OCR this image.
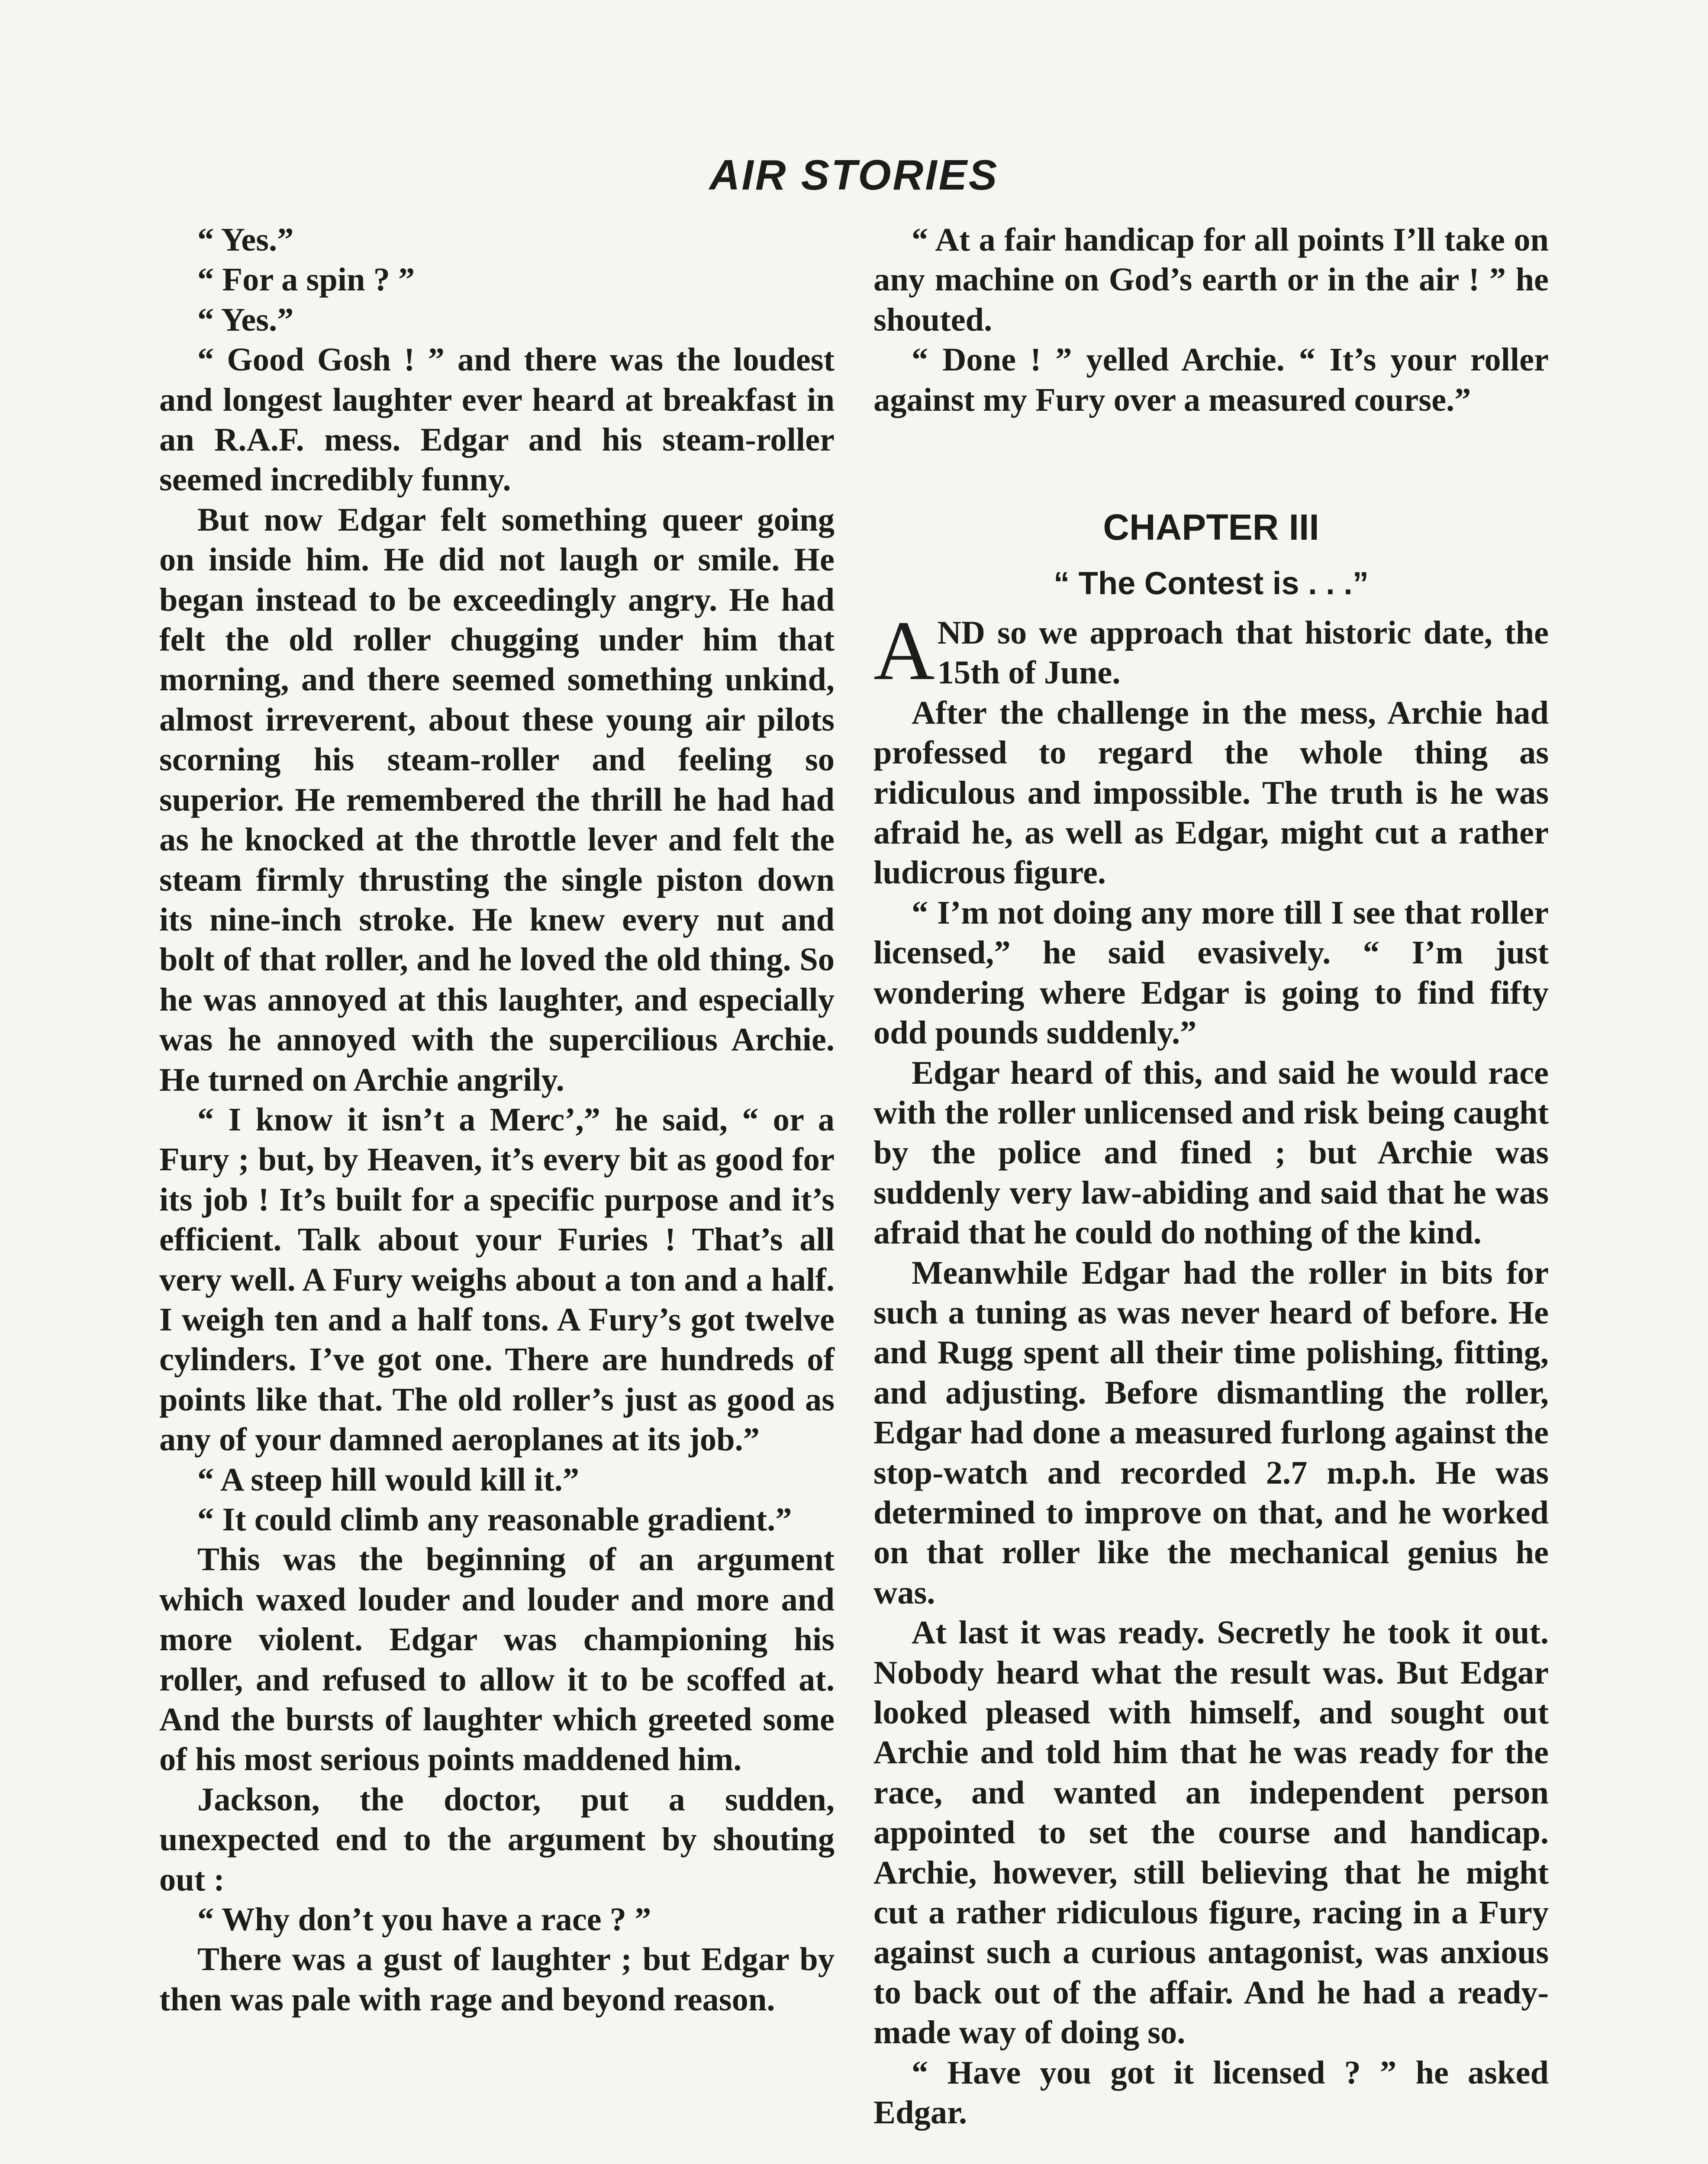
AIR STORIES

“ Yes.”

“ For a spin ? ”

“ Yes.”

“ Good Gosh ! ” and there was the loudest and longest laughter ever heard at breakfast in an R.A.F. mess. Edgar and his steam-roller seemed incredibly funny.

But now Edgar felt something queer going on inside him. He did not laugh or smile. He began instead to be exceedingly angry. He had felt the old roller chugging under him that morning, and there seemed something unkind, almost irreverent, about these young air pilots scorning his steam-roller and feeling so superior. He remembered the thrill he had had as he knocked at the throttle lever and felt the steam firmly thrusting the single piston down its nine-inch stroke. He knew every nut and bolt of that roller, and he loved the old thing. So he was annoyed at this laughter, and especially was he annoyed with the supercilious Archie. He turned on Archie angrily.

“ I know it isn’t a Merc’,” he said, “ or a Fury ; but, by Heaven, it’s every bit as good for its job ! It’s built for a specific purpose and it’s efficient. Talk about your Furies ! That’s all very well. A Fury weighs about a ton and a half. I weigh ten and a half tons. A Fury’s got twelve cylinders. I’ve got one. There are hundreds of points like that. The old roller’s just as good as any of your damned aeroplanes at its job.”

“ A steep hill would kill it.”

“ It could climb any reasonable gradient.”

This was the beginning of an argument which waxed louder and louder and more and more violent. Edgar was championing his roller, and refused to allow it to be scoffed at. And the bursts of laughter which greeted some of his most serious points maddened him.

Jackson, the doctor, put a sudden, unexpected end to the argument by shouting out :

“ Why don’t you have a race ? ”

There was a gust of laughter ; but Edgar by then was pale with rage and beyond reason.

“ At a fair handicap for all points I’ll take on any machine on God’s earth or in the air ! ” he shouted.

“ Done ! ” yelled Archie. “ It’s your roller against my Fury over a measured course.”

CHAPTER III
“ The Contest is . . .”

AND so we approach that historic date, the 15th of June.

After the challenge in the mess, Archie had professed to regard the whole thing as ridiculous and impossible. The truth is he was afraid he, as well as Edgar, might cut a rather ludicrous figure.

“ I’m not doing any more till I see that roller licensed,” he said evasively. “ I’m just wondering where Edgar is going to find fifty odd pounds suddenly.”

Edgar heard of this, and said he would race with the roller unlicensed and risk being caught by the police and fined ; but Archie was suddenly very law-abiding and said that he was afraid that he could do nothing of the kind.

Meanwhile Edgar had the roller in bits for such a tuning as was never heard of before. He and Rugg spent all their time polishing, fitting, and adjusting. Before dismantling the roller, Edgar had done a measured furlong against the stop-watch and recorded 2.7 m.p.h. He was determined to improve on that, and he worked on that roller like the mechanical genius he was.

At last it was ready. Secretly he took it out. Nobody heard what the result was. But Edgar looked pleased with himself, and sought out Archie and told him that he was ready for the race, and wanted an independent person appointed to set the course and handicap. Archie, however, still believing that he might cut a rather ridiculous figure, racing in a Fury against such a curious antagonist, was anxious to back out of the affair. And he had a ready-made way of doing so.

“ Have you got it licensed ? ” he asked Edgar.
